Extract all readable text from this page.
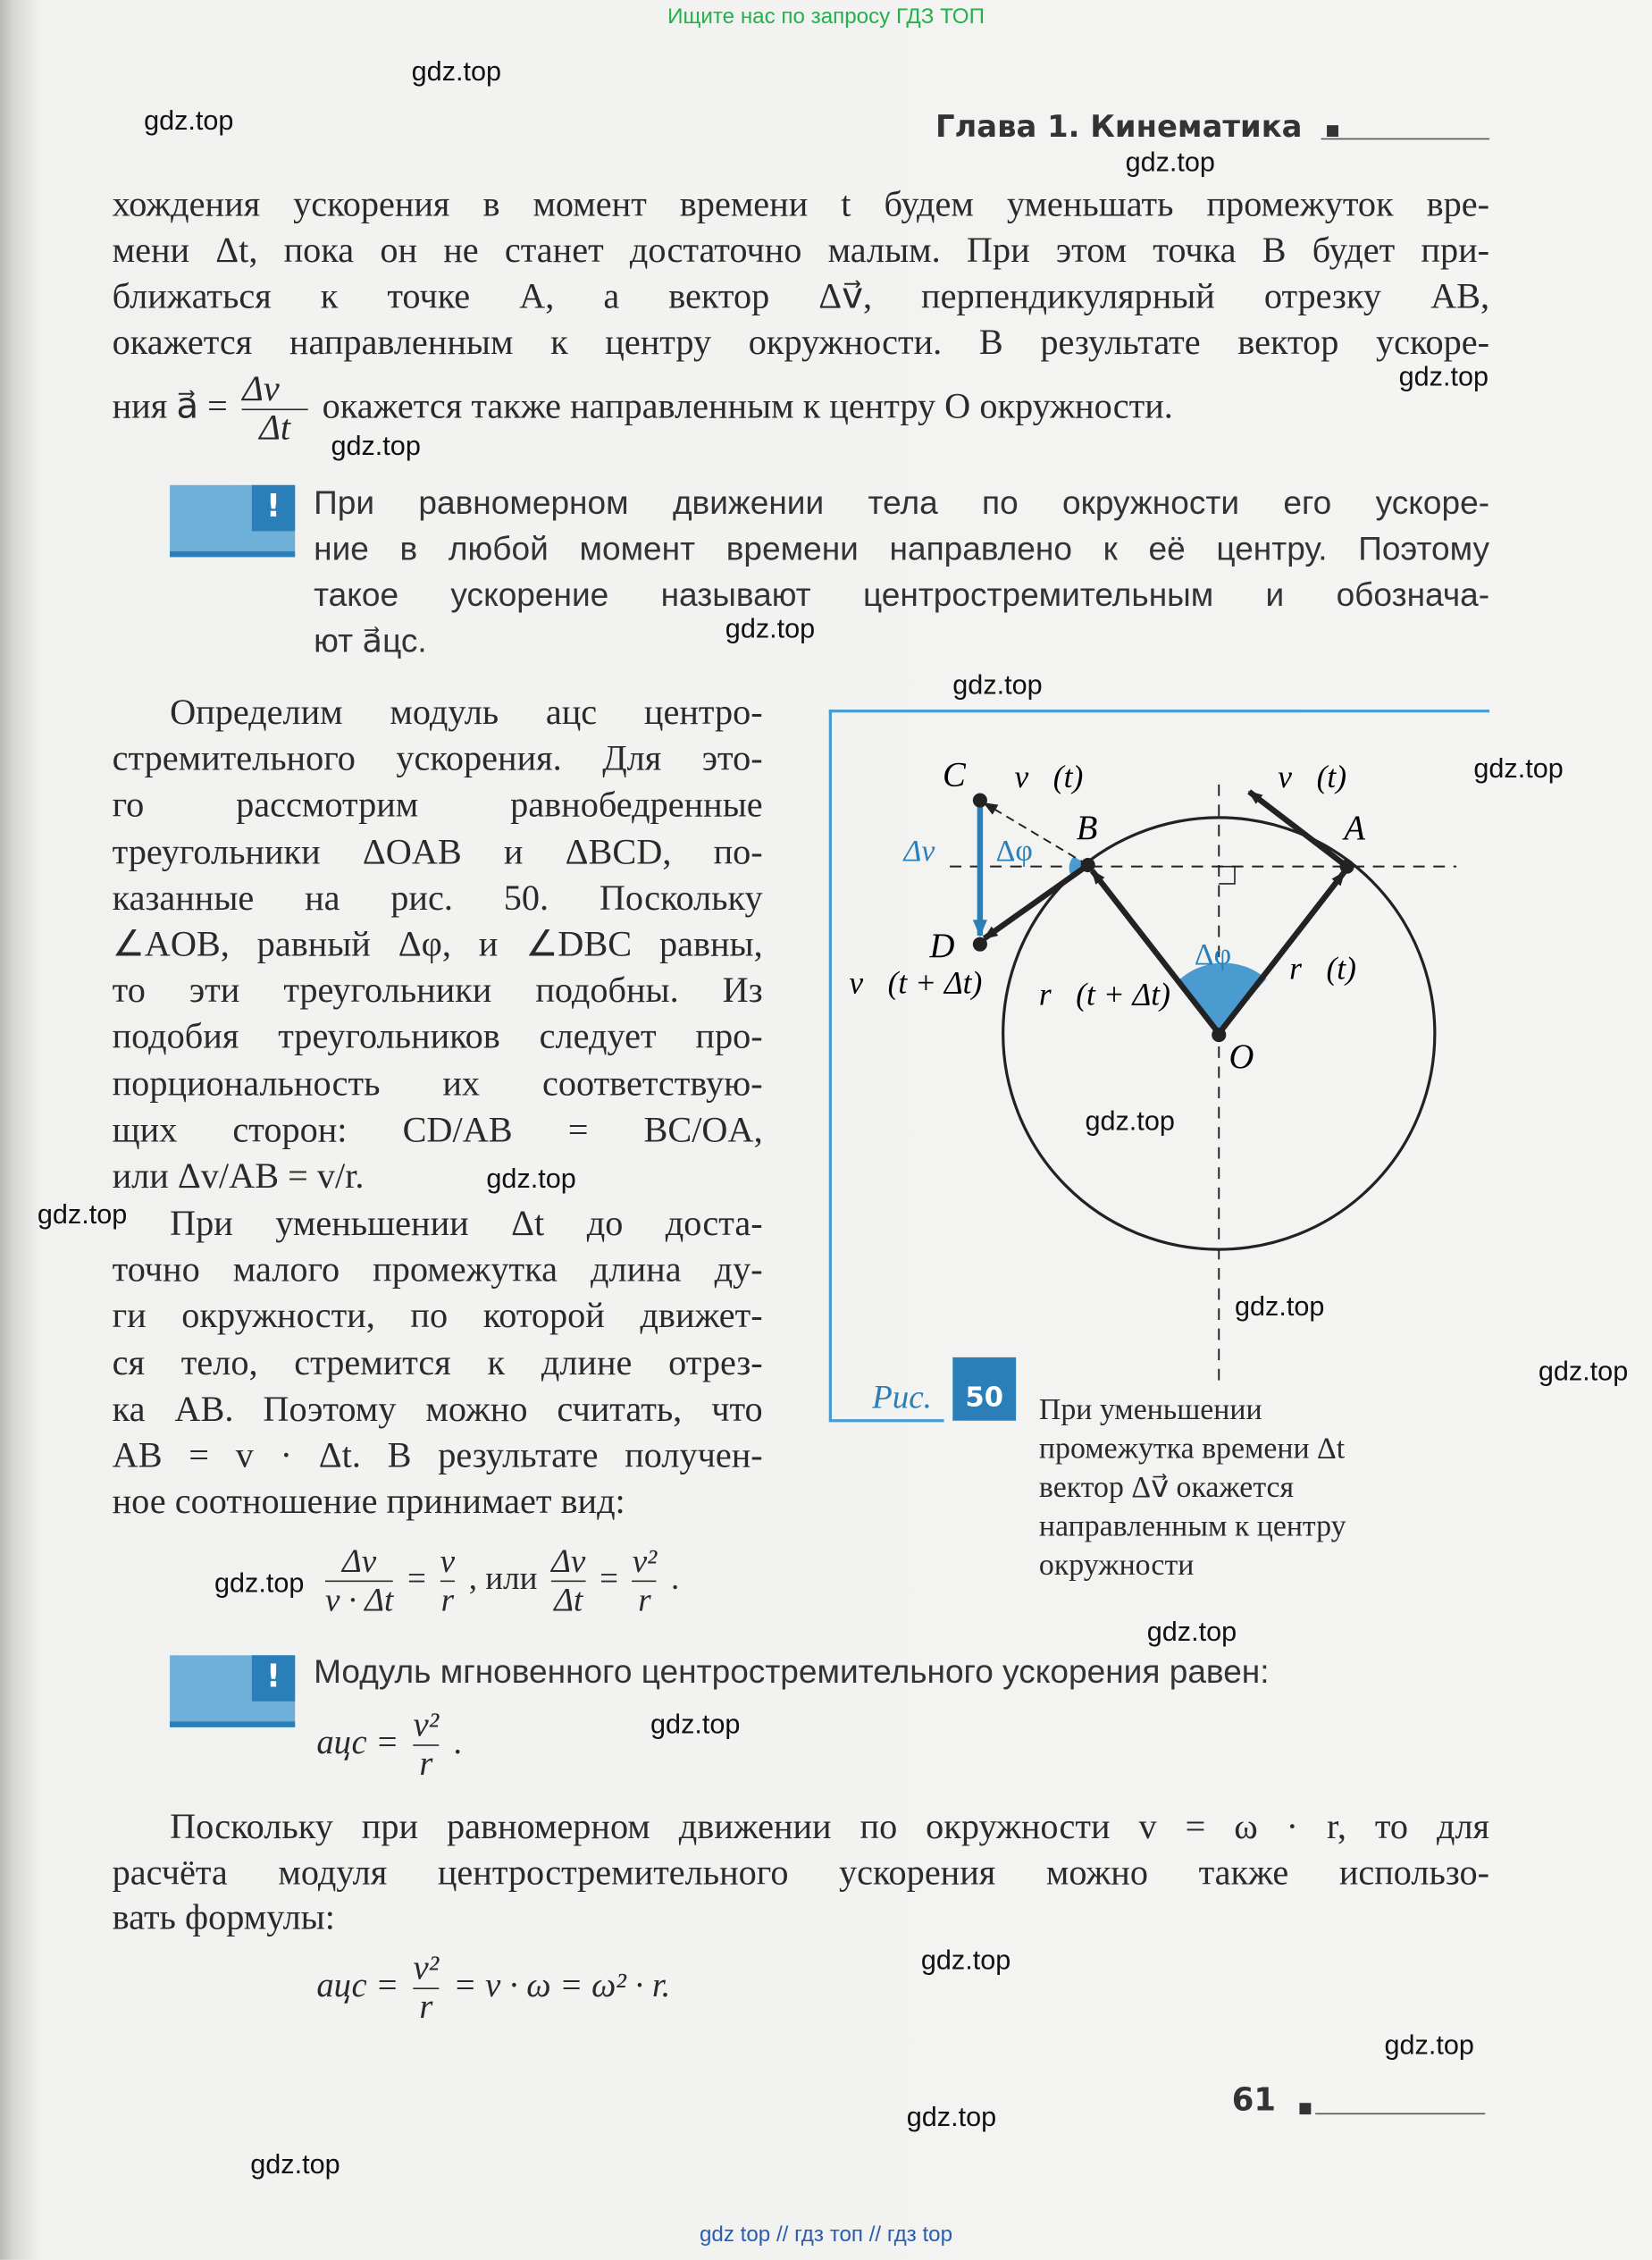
Ищите нас по запросу ГДЗ ТОП
Глава 1. Кинематика
хождения ускорения в момент времени t будем уменьшать промежуток вре-
мени Δt, пока он не станет достаточно малым. При этом точка B будет при-
ближаться к точке A, а вектор Δv⃗, перпендикулярный отрезку AB,
окажется направленным к центру окружности. В результате вектор ускоре-
ния a⃗ = $\frac{\Delta v⃗}{\Delta t}$ окажется также направленным к центру O окружности.
!	При равномерном движении тела по окружности его ускоре-
ние в любой момент времени направлено к её центру. Поэтому
такое ускорение называют центростремительным и обознача-
ют a⃗цс.
Определим модуль aцс центро-
стремительного ускорения. Для это-
го рассмотрим равнобедренные
треугольники ΔOAB и ΔBCD, по-
казанные на рис. 50. Поскольку
∠AOB, равный Δφ, и ∠DBC равны,
то эти треугольники подобны. Из
подобия треугольников следует про-
порциональность их соответствую-
щих сторон: CD/AB = BC/OA,
или Δv/AB = v/r.
При уменьшении Δt до доста-
точно малого промежутка длина ду-
ги окружности, по которой движет-
ся тело, стремится к длине отрез-
ка AB. Поэтому можно считать, что
AB = v · Δt. В результате получен-
ное соотношение принимает вид:
C v⃗(t)
B
v⃗(t)
A
Δv⃗ Δφ
D
v⃗(t + Δt)	r⃗(t + Δt)
Δφ	r⃗(t)
O
Рис.	50	При уменьшении
промежутка времени Δt
вектор Δv⃗ окажется
направленным к центру
окружности
$\frac{\Delta v}{v \cdot \Delta t} = \frac{v}{r}$ , или $\frac{\Delta v}{\Delta t} = \frac{\text{v²}}{r}$ .
!	Модуль мгновенного центростремительного ускорения равен:
aцс = $\frac{\text{v²}}{r}$ .
Поскольку при равномерном движении по окружности v = ω · r, то для
расчёта модуля центростремительного ускорения можно также использо-
вать формулы:
aцс = $\frac{\text{v²}}{r} = v \cdot \omega = \omega^2 \cdot r$.
61
gdz top // гдз топ // гдз top
gdz.top
gdz.top
gdz.top
gdz.top
gdz.top
gdz.top
gdz.top
gdz.top
gdz.top
gdz.top
gdz.top
gdz.top
gdz.top
gdz.top
gdz.top
gdz.top
gdz.top
gdz.top
gdz.top
gdz.top
